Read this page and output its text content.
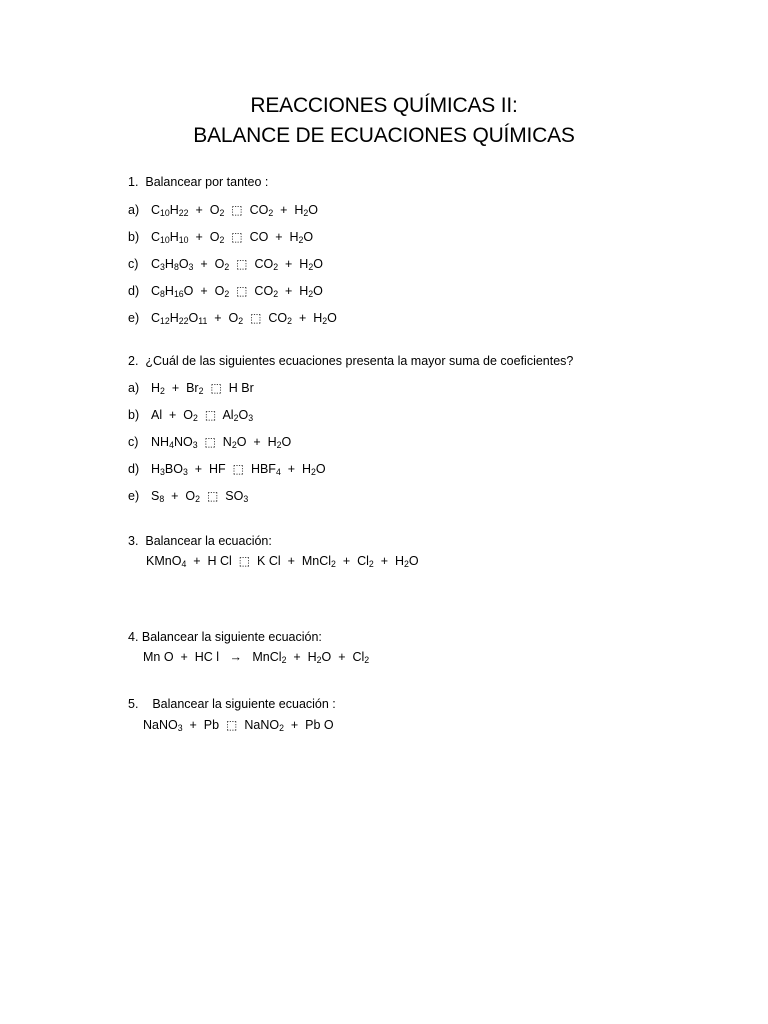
REACCIONES QUÍMICAS II:
BALANCE DE ECUACIONES QUÍMICAS
1.  Balancear por tanteo :
a) $C_{10}H_{22} + O_2$ ⬚  $CO_2 + H_2O$
b) $C_{10}H_{10} + O_2$ ⬚  CO  +  $H_2O$
c) $C_3H_8O_3 + O_2$ ⬚  $CO_2 + H_2O$
d) $C_8H_{16}O + O_2$ ⬚  $CO_2 + H_2O$
e) $C_{12}H_{22}O_{11} + O_2$ ⬚  $CO_2 + H_2O$
2.  ¿Cuál de las siguientes ecuaciones presenta la mayor suma de coeficientes?
a) $H_2 + Br_2$ ⬚  H Br
b) $Al + O_2$ ⬚  $Al_2O_3$
c) $NH_4NO_3$ ⬚  $N_2O + H_2O$
d) $H_3BO_3$  +  HF  ⬚  $HBF_4 + H_2O$
e) $S_8 + O_2$ ⬚  $SO_3$
3.  Balancear la ecuación:
KMnO$_4$  +  H Cl  ⬚  K Cl  +  MnCl$_2$  +  $Cl_2 + H_2O$
4. Balancear la siguiente ecuación:
Mn O  +  HC l   →   MnCl$_2$  +  $H_2O + Cl_2$
5.    Balancear la siguiente ecuación :
NaNO$_3$  +  Pb  ⬚  NaNO$_2$  +  Pb O
